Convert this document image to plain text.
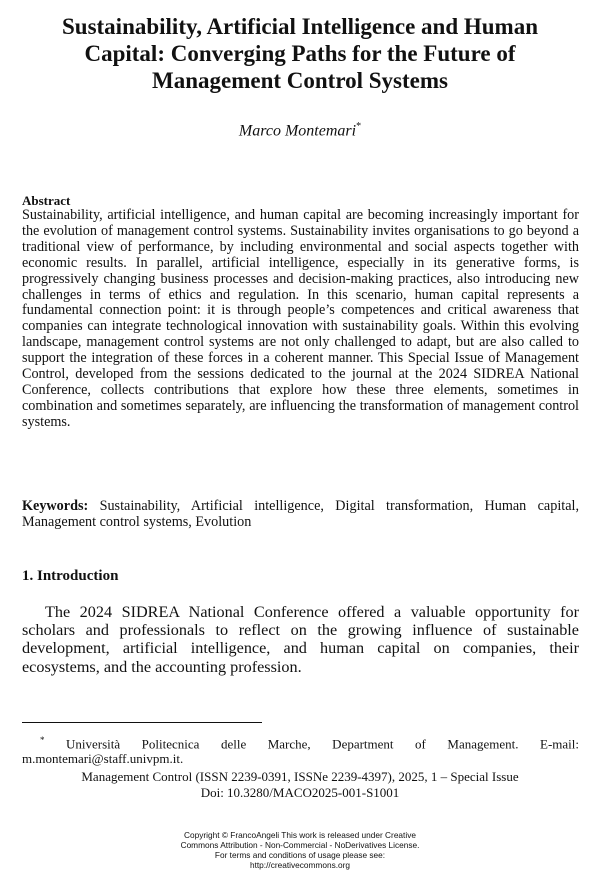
Sustainability, Artificial Intelligence and Human Capital: Converging Paths for the Future of Management Control Systems
Marco Montemari*
Abstract

Sustainability, artificial intelligence, and human capital are becoming increasingly important for the evolution of management control systems. Sustainability invites organisations to go beyond a traditional view of performance, by including environmental and social aspects together with economic results. In parallel, artificial intelligence, especially in its generative forms, is progressively changing business processes and decision-making practices, also introducing new challenges in terms of ethics and regulation. In this scenario, human capital represents a fundamental connection point: it is through people’s competences and critical awareness that companies can integrate technological innovation with sustainability goals. Within this evolving landscape, management control systems are not only challenged to adapt, but are also called to support the integration of these forces in a coherent manner. This Special Issue of Management Control, developed from the sessions dedicated to the journal at the 2024 SIDREA National Conference, collects contributions that explore how these three elements, sometimes in combination and sometimes separately, are influencing the transformation of management control systems.

Keywords: Sustainability, Artificial intelligence, Digital transformation, Human capital, Management control systems, Evolution

1. Introduction

The 2024 SIDREA National Conference offered a valuable opportunity for scholars and professionals to reflect on the growing influence of sustainable development, artificial intelligence, and human capital on companies, their ecosystems, and the accounting profession.

* Università Politecnica delle Marche, Department of Management. E-mail: m.montemari@staff.univpm.it.

Management Control (ISSN 2239-0391, ISSNe 2239-4397), 2025, 1 – Special Issue
Doi: 10.3280/MACO2025-001-S1001
Copyright © FrancoAngeli This work is released under Creative
Commons Attribution - Non-Commercial - NoDerivatives License.
For terms and conditions of usage please see:
http://creativecommons.org
